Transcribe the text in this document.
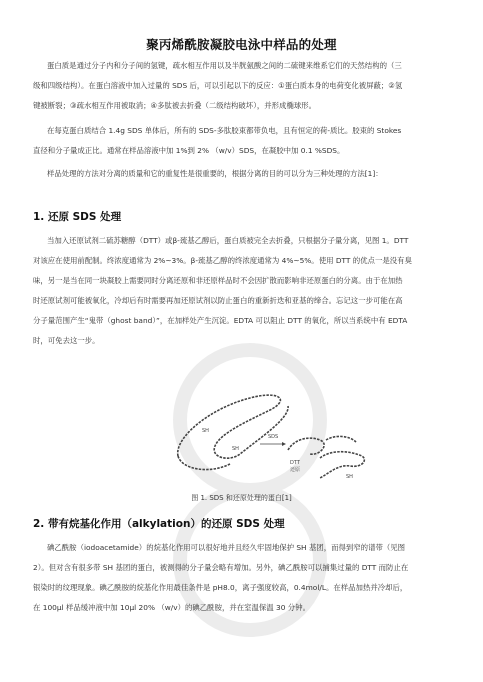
聚丙烯酰胺凝胶电泳中样品的处理
蛋白质是通过分子内和分子间的氢键，疏水相互作用以及半胱氨酸之间的二硫键来维系它们的天然结构的（三
级和四级结构）。在蛋白溶液中加入过量的 SDS 后，可以引起以下的反应：①蛋白质本身的电荷变化被屏蔽；②氢
键被断裂；③疏水相互作用被取消；④多肽被去折叠（二级结构破坏），并形成椭球形。
在每克蛋白质结合 1.4g SDS 单体后，所有的 SDS-多肽胶束都带负电，且有恒定的荷-质比。胶束的 Stokes
直径和分子量成正比。通常在样品溶液中加 1%到 2% （w/v）SDS，在凝胶中加 0.1 %SDS。
样品处理的方法对分离的质量和它的重复性是很重要的，根据分离的目的可以分为三种处理的方法[1]：
1. 还原 SDS 处理
当加入还原试剂二硫苏糖醇（DTT）或β-巯基乙醇后，蛋白质被完全去折叠，只根据分子量分离，见图 1。DTT
对该应在使用前配制。终浓度通常为 2%~3%。β-巯基乙醇的终浓度通常为 4%~5%。使用 DTT 的优点一是没有臭
味，另一是当在同一块凝胶上需要同时分离还原和非还原样品时不会因扩散而影响非还原蛋白的分离。由于在加热
时还原试剂可能被氧化，冷却后有时需要再加还原试剂以防止蛋白的重新折迭和亚基的缔合。忘记这一步可能在高
分子量范围产生“鬼带（ghost band）”，在加样处产生沉淀。EDTA 可以阻止 DTT 的氧化，所以当系统中有 EDTA
时，可免去这一步。
SH
SH
SDS
DTT
还原
SH
图 1. SDS 和还原处理的蛋白[1]
2. 带有烷基化作用（alkylation）的还原 SDS 处理
碘乙酰胺（iodoacetamide）的烷基化作用可以很好地并且经久牢固地保护 SH 基团，而得到窄的谱带（见图
2）。但对含有很多带 SH 基团的蛋白，被测得的分子量会略有增加。另外，碘乙酰胺可以捕集过量的 DTT 而防止在
银染时的纹理现象。碘乙酰胺的烷基化作用最佳条件是 pH8.0，离子强度较高，0.4mol/L。在样品加热并冷却后，
在 100μl 样品缓冲液中加 10μl 20% （w/v）的碘乙酰胺，并在室温保温 30 分钟。
